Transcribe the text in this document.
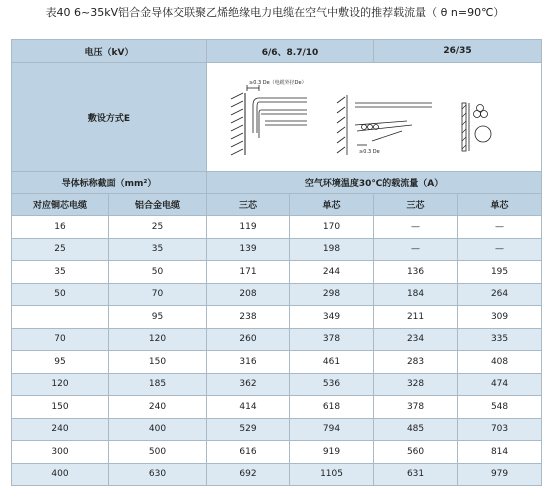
表40 6~35kV铝合金导体交联聚乙烯绝缘电力电缆在空气中敷设的推荐载流量（ θ n=90℃）
电压（kV）		6/6、8.7/10		26/35	
敷设方式E		≥0.3 De（电缆外径De）
≥0.3 De			

导体标称截面（mm²）		空气环境温度30℃的载流量（A）			
对应铜芯电缆	铝合金电缆	三芯	单芯	三芯	单芯
16	25	119	170	—	—
25	35	139	198	—	—
35	50	171	244	136	195
50	70	208	298	184	264
	95	238	349	211	309
70	120	260	378	234	335
95	150	316	461	283	408
120	185	362	536	328	474
150	240	414	618	378	548
240	400	529	794	485	703
300	500	616	919	560	814
400	630	692	1105	631	979
